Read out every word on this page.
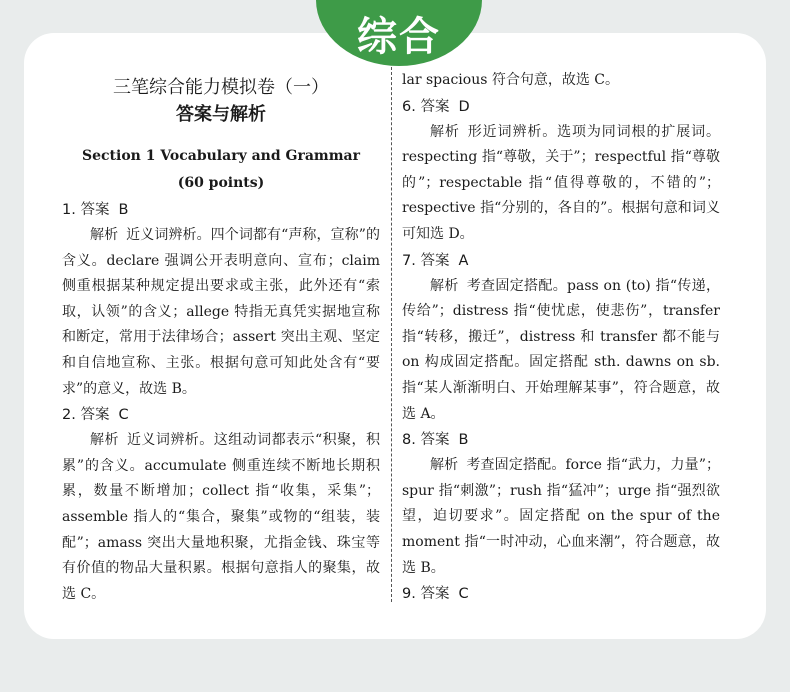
综合
三笔综合能力模拟卷（一）
答案与解析
Section 1 Vocabulary and Grammar
(60 points)
1. 答案 B

解析 近义词辨析。四个词都有“声称，宣称”的含义。declare 强调公开表明意向、宣布；claim 侧重根据某种规定提出要求或主张，此外还有“索取，认领”的含义；allege 特指无真凭实据地宣称和断定，常用于法律场合；assert 突出主观、坚定和自信地宣称、主张。根据句意可知此处含有“要求”的意义，故选 B。

2. 答案 C

解析 近义词辨析。这组动词都表示“积聚，积累”的含义。accumulate 侧重连续不断地长期积累，数量不断增加；collect 指“收集，采集”；assemble 指人的“集合，聚集”或物的“组装，装配”；amass 突出大量地积聚，尤指金钱、珠宝等有价值的物品大量积累。根据句意指人的聚集，故选 C。

lar spacious 符合句意，故选 C。

6. 答案 D

解析 形近词辨析。选项为同词根的扩展词。respecting 指“尊敬，关于”；respectful 指“尊敬的”；respectable 指“值得尊敬的，不错的”；respective 指“分别的，各自的”。根据句意和词义可知选 D。

7. 答案 A

解析 考查固定搭配。pass on (to) 指“传递，传给”；distress 指“使忧虑，使悲伤”，transfer 指“转移，搬迁”，distress 和 transfer 都不能与 on 构成固定搭配。固定搭配 sth. dawns on sb. 指“某人渐渐明白、开始理解某事”，符合题意，故选 A。

8. 答案 B

解析 考查固定搭配。force 指“武力，力量”；spur 指“刺激”；rush 指“猛冲”；urge 指“强烈欲望，迫切要求”。固定搭配 on the spur of the moment 指“一时冲动，心血来潮”，符合题意，故选 B。

9. 答案 C
